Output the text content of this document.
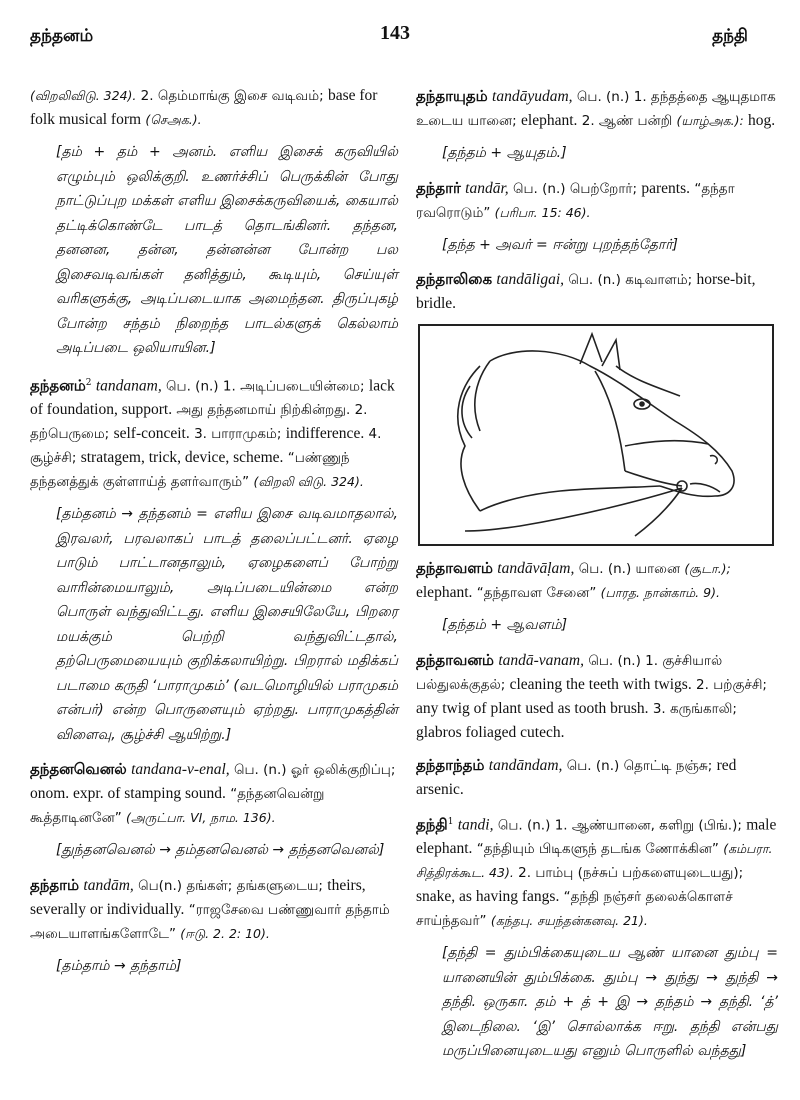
தந்தனம்	143	தந்தி
(விறலிவிடு. 324). 2. தெம்மாங்கு இசை வடிவம்; base for folk musical form (செஅக.).
[தம் + தம் + அனம். எளிய இசைக் கருவியில் எழும்பும் ஒலிக்குறி. உணர்ச்சிப் பெருக்கின் போது நாட்டுப்புற மக்கள் எளிய இசைக்கருவியைக், கையால் தட்டிக்கொண்டே பாடத் தொடங்கினர். தந்தன, தனனன, தன்ன, தன்னன்ன போன்ற பல இசைவடிவங்கள் தனித்தும், கூடியும், செய்யுள் வரிகளுக்கு, அடிப்படையாக அமைந்தன. திருப்புகழ் போன்ற சந்தம் நிறைந்த பாடல்களுக் கெல்லாம் அடிப்படை ஒலியாயின.]
தந்தனம்$^2$ tandanam, பெ. (n.) 1. அடிப்படையின்மை; lack of foundation, support. அது தந்தனமாய் நிற்கின்றது. 2. தற்பெருமை; self-conceit. 3. பாராமுகம்; indifference. 4. சூழ்ச்சி; stratagem, trick, device, scheme. “பண்ணுந் தந்தனத்துக் குள்ளாய்த் தளர்வாரும்” (விறலி விடு. 324).
[தம்தனம் → தந்தனம் = எளிய இசை வடிவமாதலால், இரவலர், பரவலாகப் பாடத் தலைப்பட்டனர். ஏழை பாடும் பாட்டானதாலும், ஏழைகளைப் போற்று வாரின்மையாலும், அடிப்படையின்மை என்ற பொருள் வந்துவிட்டது. எளிய இசையிலேயே, பிறரை மயக்கும் பெற்றி வந்துவிட்டதால், தற்பெருமையையும் குறிக்கலாயிற்று. பிறரால் மதிக்கப் படாமை கருதி ‘பாராமுகம்’ (வடமொழியில் பராமுகம் என்பர்) என்ற பொருளையும் ஏற்றது. பாராமுகத்தின் விளைவு, சூழ்ச்சி ஆயிற்று.]
தந்தனவெனல் tandana-v-enal, பெ. (n.) ஓர் ஒலிக்குறிப்பு; onom. expr. of stamping sound. “தந்தனவென்று கூத்தாடினனே” (அருட்பா. VI, நாம. 136).
[துந்தனவெனல் → தம்தனவெனல் → தந்தனவெனல்]
தந்தாம் tandām, பெ(n.) தங்கள்; தங்களுடைய; theirs, severally or individually. “ராஜசேவை பண்ணுவார் தந்தாம் அடையாளங்களோடே” (ஈடு. 2. 2: 10).
[தம்தாம் → தந்தாம்]
தந்தாயுதம் tandāyudam, பெ. (n.) 1. தந்தத்தை ஆயுதமாக உடைய யானை; elephant. 2. ஆண் பன்றி (யாழ்அக.): hog.
[தந்தம் + ஆயுதம்.]
தந்தார் tandār, பெ. (n.) பெற்றோர்; parents. “தந்தா ரவரொடும்” (பரிபா. 15: 46).
[தந்த + அவர் = ஈன்று புறந்தந்தோர்]
தந்தாலிகை tandāligai, பெ. (n.) கடிவாளம்; horse-bit, bridle.
தந்தாவளம் tandāvāḷam, பெ. (n.) யானை (சூடா.); elephant. “தந்தாவள சேனை” (பாரத. நான்காம். 9).
[தந்தம் + ஆவளம்]
தந்தாவனம் tandā-vanam, பெ. (n.) 1. குச்சியால் பல்துலக்குதல்; cleaning the teeth with twigs. 2. பற்குச்சி; any twig of plant used as tooth brush. 3. கருங்காலி; glabros foliaged cutech.
தந்தாந்தம் tandāndam, பெ. (n.) தொட்டி நஞ்சு; red arsenic.
தந்தி$^1$ tandi, பெ. (n.) 1. ஆண்யானை, களிறு (பிங்.); male elephant. “தந்தியும் பிடிகளுந் தடங்க ணோக்கின” (கம்பரா. சித்திரக்கூட. 43). 2. பாம்பு (நச்சுப் பற்களையுடையது); snake, as having fangs. “தந்தி நஞ்சர் தலைக்கொளச் சாய்ந்தவர்” (கந்தபு. சயந்தன்கனவு. 21).
[தந்தி = தும்பிக்கையுடைய ஆண் யானை தும்பு = யானையின் தும்பிக்கை. தும்பு → துந்து → துந்தி → தந்தி. ஒருகா. தம் + த் + இ → தந்தம் → தந்தி. ‘த்’ இடைநிலை. ‘இ’ சொல்லாக்க ஈறு. தந்தி என்பது மருப்பினையுடையது எனும் பொருளில் வந்தது]
